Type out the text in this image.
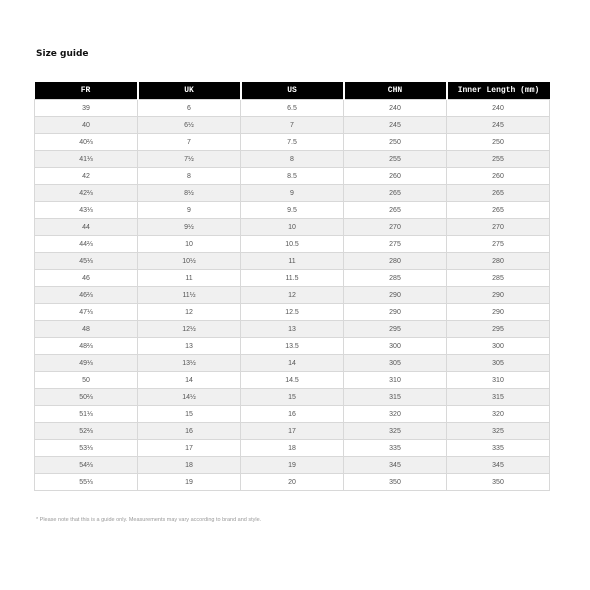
Size guide
FR	UK	US	CHN	Inner Length (mm)
39	6	6.5	240	240
40	6½	7	245	245
40⅔	7	7.5	250	250
41⅓	7½	8	255	255
42	8	8.5	260	260
42⅔	8½	9	265	265
43⅓	9	9.5	265	265
44	9½	10	270	270
44⅔	10	10.5	275	275
45⅓	10½	11	280	280
46	11	11.5	285	285
46⅔	11½	12	290	290
47⅓	12	12.5	290	290
48	12½	13	295	295
48⅔	13	13.5	300	300
49⅓	13½	14	305	305
50	14	14.5	310	310
50⅔	14½	15	315	315
51⅓	15	16	320	320
52⅔	16	17	325	325
53⅓	17	18	335	335
54⅔	18	19	345	345
55⅓	19	20	350	350
* Please note that this is a guide only. Measurements may vary according to brand and style.
